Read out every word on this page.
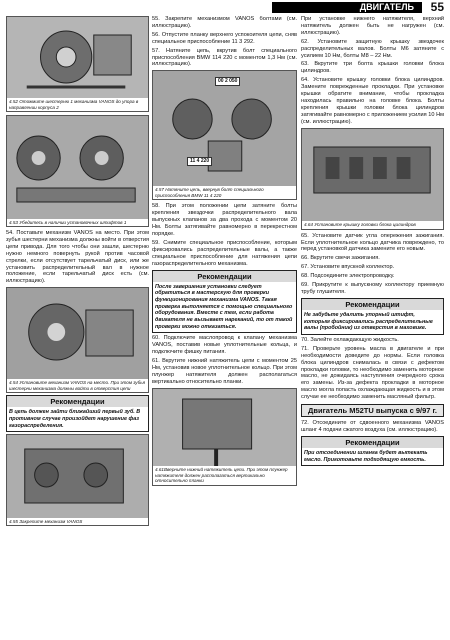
ДВИГАТЕЛЬ 55
4.52 Отожмите шестерню 1 механизма VANOS до упора в направлении корпуса 2
4.53 Убедитесь в наличии установочных штифтов 1

54. Поставьте механизм VANOS на место. При этом зубья шестерни механизма должны войти в отверстия цепи привода. Для того чтобы они зашли, шестерню нужно немного повернуть рукой против часовой стрелки, если отсутствует тарельчатый диск, или же установить распределительный вал в нужное положение, если тарельчатый диск есть (см. иллюстрацию).

4.54 Установите механизм VANOS на место. При этом зубья шестерни механизма должны войти в отверстия цепи
Рекомендации
В цепь должен зайти ближайший первый зуб. В противном случае произойдет нарушение фаз газораспределения.
4.55 Закрепите механизм VANOS

55. Закрепите механизмом VANOS болтами (см. иллюстрацию).

56. Отпустите планку верхнего успокоителя цепи, сняв специальное приспособление 11 3 292.

57. Натяните цепь, вкрутив болт специального приспособления BMW 114 220 с моментом 1,3 Нм (см. иллюстрацию).

00 2 050
11 4 220
4.57 Натяните цепь, ввернув болт специального приспособления BMW 11 4 220

58. При этом положении цепи затяните болты крепления звездочки распределительного вала выпускных клапанов за два прохода с моментом 20 Нм. Болты затягивайте равномерно в перекрестном порядке.

59. Снимите специальное приспособление, которым фиксировались распределительные валы, а также специальное приспособление для натяжения цепи газораспределительного механизма.

Рекомендации
После завершения установки следует обратиться в мастерскую для проверки функционирования механизма VANOS. Такая проверка выполняется с помощью специального оборудования. Вместе с тем, если работа двигателя не вызывает нареканий, то от такой проверки можно отказаться.

60. Подключите маслопровод к клапану механизма VANOS, поставив новые уплотнительные кольца, и подключите фишку питания.

61. Вкрутите нижний натяжитель цепи с моментом 25 Нм, установив новое уплотнительное кольцо. При этом плунжер натяжителя должен располагаться вертикально относительно планки.

4.61Вверните нижний натяжитель цепи. При этом плунжер натяжителя должен располагаться вертикально относительно планки

При установке нижнего натяжителя, верхний натяжитель должен быть не нагружен (см. иллюстрацию).

62. Установите защитную крышку звездочек распределительных валов. Болты М6 затяните с усилием 10 Нм, болты М8 – 22 Нм.

63. Вкрутите три болта крышки головки блока цилиндров.

64. Установите крышку головки блока цилиндров. Замените поврежденные прокладки. При установке крышки обратите внимание, чтобы прокладка находилась правильно на головке блока. Болты крепления крышки головки блока цилиндров затягивайте равномерно с приложением усилия 10 Нм (см. иллюстрацию).

4.64 Установите крышку головки блока цилиндров

65. Установите датчик угла опережения зажигания. Если уплотнительное кольцо датчика повреждено, то перед установкой датчика замените его новым.

66. Вкрутите свечи зажигания.

67. Установите впускной коллектор.

68. Подсоедините электропроводку.

69. Прикрутите к выпускному коллектору приемную трубу глушителя.

Рекомендации
Не забудьте удалить упорный штифт, которым фиксировались распределительные валы (пробойник) из отверстия в маховике.

70. Залейте охлаждающую жидкость.

71. Проверьте уровень масла в двигателе и при необходимости доведите до нормы. Если головка блока цилиндров снималась в связи с дефектом прокладки головки, то необходимо заменить моторное масло, не дожидаясь наступления очередного срока его замены. Из-за дефекта прокладки в моторное масло могла попасть охлаждающая жидкость и в этом случае ее необходимо заменить масляный фильтр.

Двигатель M52TU выпуска с 9/97 г.

72. Отсоедините от сдвоенного механизма VANOS шланг 4 подачи сжатого воздуха (см. иллюстрацию).

Рекомендации
При отсоединении шланга будет вытекать масло. Приготовьте подходящую емкость.
